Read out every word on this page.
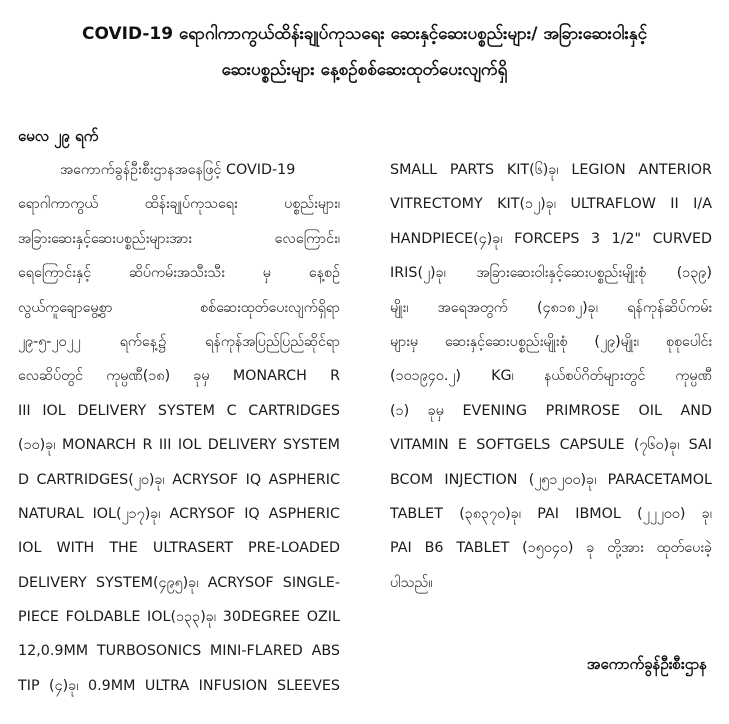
COVID-19 ရောဂါကာကွယ်ထိန်းချုပ်ကုသရေး ဆေးနှင့်ဆေးပစ္စည်းများ/ အခြားဆေးဝါးနှင့်
ဆေးပစ္စည်းများ နေ့စဉ်စစ်ဆေးထုတ်ပေးလျက်ရှိ
မေလ ၂၉ ရက်
အကောက်ခွန်ဦးစီးဌာနအနေဖြင့် COVID-19
ရောဂါကာကွယ် ထိန်းချုပ်ကုသရေး ပစ္စည်းများ၊
အခြားဆေးနှင့်ဆေးပစ္စည်းများအား လေကြောင်း၊
ရေကြောင်းနှင့် ဆိပ်ကမ်းအသီးသီး မှ နေ့စဉ်
လွယ်ကူချောမွေ့စွာ စစ်ဆေးထုတ်ပေးလျက်ရှိရာ
၂၉-၅-၂၀၂၂ ရက်နေ့၌ ရန်ကုန်အပြည်ပြည်ဆိုင်ရာ
လေဆိပ်တွင် ကုမ္ပဏီ(၁၈) ခုမှ MONARCH R
III IOL DELIVERY SYSTEM C CARTRIDGES
(၁၀)ခု၊ MONARCH R III IOL DELIVERY SYSTEM
D CARTRIDGES(၂၀)ခု၊ ACRYSOF IQ ASPHERIC
NATURAL IOL(၂၁၇)ခု၊ ACRYSOF IQ ASPHERIC
IOL WITH THE ULTRASERT PRE-LOADED
DELIVERY SYSTEM(၄၉၅)ခု၊ ACRYSOF SINGLE-
PIECE FOLDABLE IOL(၁၃၃)ခု၊ 30DEGREE OZIL
12,0.9MM TURBOSONICS MINI-FLARED ABS
TIP (၄)ခု၊ 0.9MM ULTRA INFUSION SLEEVES
SMALL PARTS KIT(၆)ခု၊ LEGION ANTERIOR
VITRECTOMY KIT(၁၂)ခု၊ ULTRAFLOW II I/A
HANDPIECE(၄)ခု၊ FORCEPS 3 1/2" CURVED
IRIS(၂)ခု၊ အခြားဆေးဝါးနှင့်ဆေးပစ္စည်းမျိုးစုံ (၁၃၉)
မျိုး၊ အရေအတွက် (၄၈၁၈၂)ခု၊ ရန်ကုန်ဆိပ်ကမ်း
များမှ ဆေးနှင့်ဆေးပစ္စည်းမျိုးစုံ (၂၉)မျိုး၊ စုစုပေါင်း
(၁၀၁၉၄၀.၂) KG၊ နယ်စပ်ဂိတ်များတွင် ကုမ္ပဏီ
(၁) ခုမှ EVENING PRIMROSE OIL AND
VITAMIN E SOFTGELS CAPSULE (၇၆၀)ခု၊ SAI
BCOM INJECTION (၂၅၁၂၀၀)ခု၊ PARACETAMOL
TABLET (၃၈၃၇၀)ခု၊ PAI IBMOL (၂၂၂၀၀) ခု၊
PAI B6 TABLET (၁၅၀၄၀) ခု တို့အား ထုတ်ပေးခဲ့
ပါသည်။
အကောက်ခွန်ဦးစီးဌာန
